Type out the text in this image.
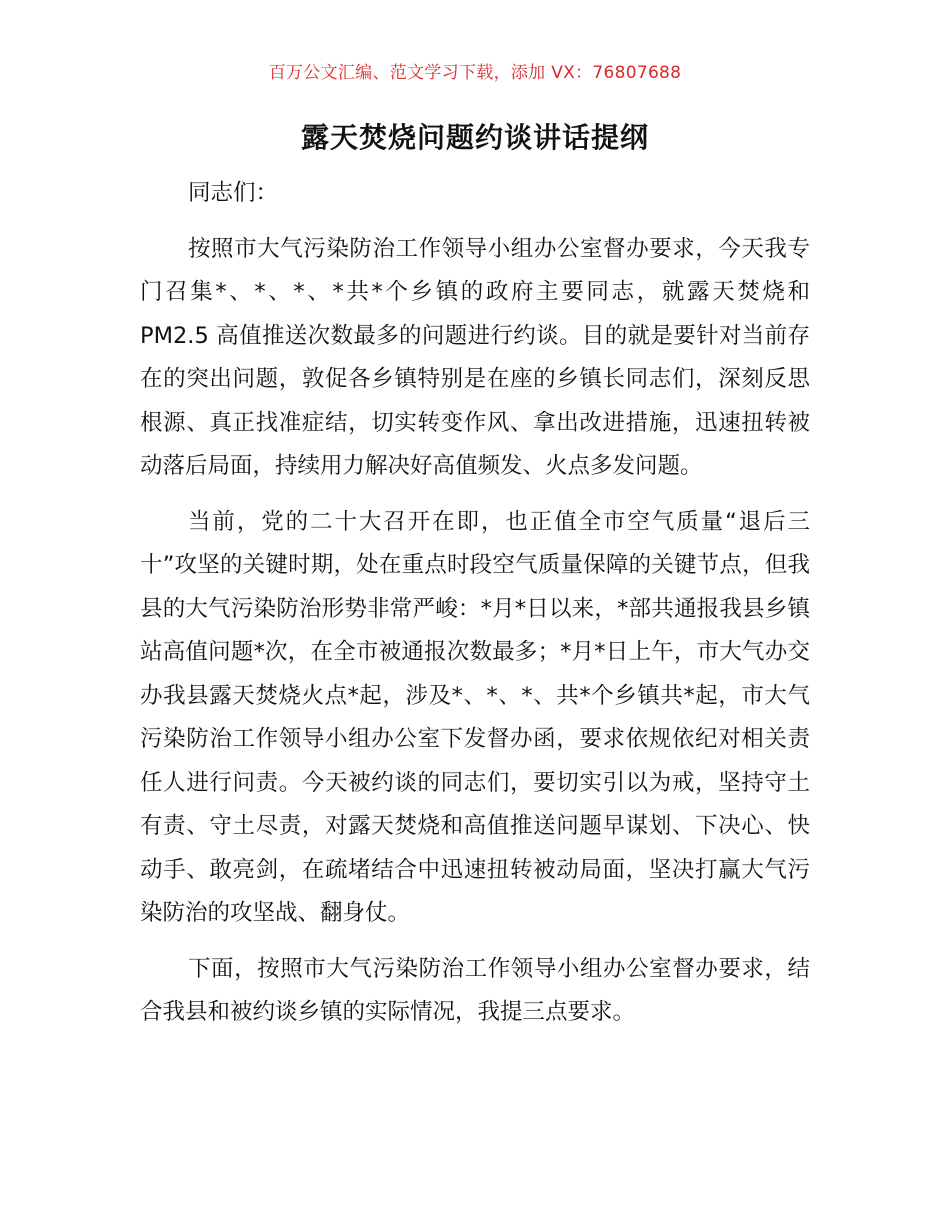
百万公文汇编、范文学习下载，添加 VX：76807688
露天焚烧问题约谈讲话提纲

同志们：

按照市大气污染防治工作领导小组办公室督办要求，今天我专门召集*、*、*、*共*个乡镇的政府主要同志，就露天焚烧和 PM2.5 高值推送次数最多的问题进行约谈。目的就是要针对当前存在的突出问题，敦促各乡镇特别是在座的乡镇长同志们，深刻反思根源、真正找准症结，切实转变作风、拿出改进措施，迅速扭转被动落后局面，持续用力解决好高值频发、火点多发问题。

当前，党的二十大召开在即，也正值全市空气质量“退后三十”攻坚的关键时期，处在重点时段空气质量保障的关键节点，但我县的大气污染防治形势非常严峻：*月*日以来，*部共通报我县乡镇站高值问题*次，在全市被通报次数最多；*月*日上午，市大气办交办我县露天焚烧火点*起，涉及*、*、*、共*个乡镇共*起，市大气污染防治工作领导小组办公室下发督办函，要求依规依纪对相关责任人进行问责。今天被约谈的同志们，要切实引以为戒，坚持守土有责、守土尽责，对露天焚烧和高值推送问题早谋划、下决心、快动手、敢亮剑，在疏堵结合中迅速扭转被动局面，坚决打赢大气污染防治的攻坚战、翻身仗。

下面，按照市大气污染防治工作领导小组办公室督办要求，结合我县和被约谈乡镇的实际情况，我提三点要求。
